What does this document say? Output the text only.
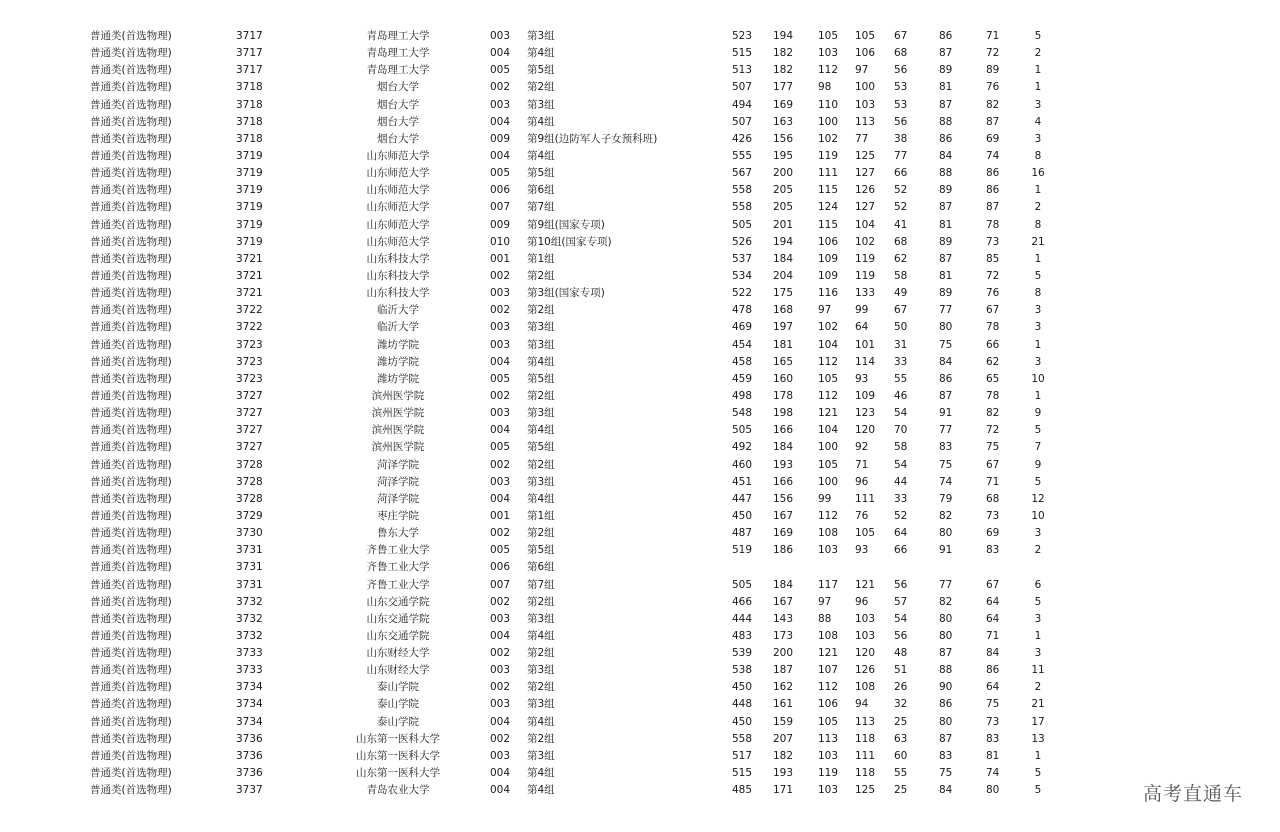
普通类(首选物理)	3717	青岛理工大学	003 第3组	523 194 105 105 67	86	71	5
普通类(首选物理)	3717	青岛理工大学	004 第4组	515 182 103 106 68	87	72	2
普通类(首选物理)	3717	青岛理工大学	005 第5组	513 182 112 97 56	89	89	1
普通类(首选物理)	3718	烟台大学	002 第2组	507 177 98 100 53	81	76	1
普通类(首选物理)	3718	烟台大学	003 第3组	494 169 110 103 53	87	82	3
普通类(首选物理)	3718	烟台大学	004 第4组	507 163 100 113 56	88	87	4
普通类(首选物理)	3718	烟台大学	009 第9组(边防军人子女预科班)	426 156 102 77 38	86	69	3
普通类(首选物理)	3719	山东师范大学	004 第4组	555 195 119 125 77	84	74	8
普通类(首选物理)	3719	山东师范大学	005 第5组	567 200 111 127 66	88	86	16
普通类(首选物理)	3719	山东师范大学	006 第6组	558 205 115 126 52	89	86	1
普通类(首选物理)	3719	山东师范大学	007 第7组	558 205 124 127 52	87	87	2
普通类(首选物理)	3719	山东师范大学	009 第9组(国家专项)	505 201 115 104 41	81	78	8
普通类(首选物理)	3719	山东师范大学	010 第10组(国家专项)	526 194 106 102 68	89	73	21
普通类(首选物理)	3721	山东科技大学	001 第1组	537 184 109 119 62	87	85	1
普通类(首选物理)	3721	山东科技大学	002 第2组	534 204 109 119 58	81	72	5
普通类(首选物理)	3721	山东科技大学	003 第3组(国家专项)	522 175 116 133 49	89	76	8
普通类(首选物理)	3722	临沂大学	002 第2组	478 168 97 99 67	77	67	3
普通类(首选物理)	3722	临沂大学	003 第3组	469 197 102 64 50	80	78	3
普通类(首选物理)	3723	潍坊学院	003 第3组	454 181 104 101 31	75	66	1
普通类(首选物理)	3723	潍坊学院	004 第4组	458 165 112 114 33	84	62	3
普通类(首选物理)	3723	潍坊学院	005 第5组	459 160 105 93 55	86	65	10
普通类(首选物理)	3727	滨州医学院	002 第2组	498 178 112 109 46	87	78	1
普通类(首选物理)	3727	滨州医学院	003 第3组	548 198 121 123 54	91	82	9
普通类(首选物理)	3727	滨州医学院	004 第4组	505 166 104 120 70	77	72	5
普通类(首选物理)	3727	滨州医学院	005 第5组	492 184 100 92 58	83	75	7
普通类(首选物理)	3728	菏泽学院	002 第2组	460 193 105 71 54	75	67	9
普通类(首选物理)	3728	菏泽学院	003 第3组	451 166 100 96 44	74	71	5
普通类(首选物理)	3728	菏泽学院	004 第4组	447 156 99 111 33	79	68	12
普通类(首选物理)	3729	枣庄学院	001 第1组	450 167 112 76 52	82	73	10
普通类(首选物理)	3730	鲁东大学	002 第2组	487 169 108 105 64	80	69	3
普通类(首选物理)	3731	齐鲁工业大学	005 第5组	519 186 103 93 66	91	83	2
普通类(首选物理)	3731	齐鲁工业大学	006 第6组
普通类(首选物理)	3731	齐鲁工业大学	007 第7组	505 184 117 121 56	77	67	6
普通类(首选物理)	3732	山东交通学院	002 第2组	466 167 97 96 57	82	64	5
普通类(首选物理)	3732	山东交通学院	003 第3组	444 143 88 103 54	80	64	3
普通类(首选物理)	3732	山东交通学院	004 第4组	483 173 108 103 56	80	71	1
普通类(首选物理)	3733	山东财经大学	002 第2组	539 200 121 120 48	87	84	3
普通类(首选物理)	3733	山东财经大学	003 第3组	538 187 107 126 51	88	86	11
普通类(首选物理)	3734	泰山学院	002 第2组	450 162 112 108 26	90	64	2
普通类(首选物理)	3734	泰山学院	003 第3组	448 161 106 94 32	86	75	21
普通类(首选物理)	3734	泰山学院	004 第4组	450 159 105 113 25	80	73	17
普通类(首选物理)	3736	山东第一医科大学	002 第2组	558 207 113 118 63	87	83	13
普通类(首选物理)	3736	山东第一医科大学	003 第3组	517 182 103 111 60	83	81	1
普通类(首选物理)	3736	山东第一医科大学	004 第4组	515 193 119 118 55	75	74	5
普通类(首选物理)	3737	青岛农业大学	004 第4组	485 171 103 125 25	84	80	5	高考直通车
